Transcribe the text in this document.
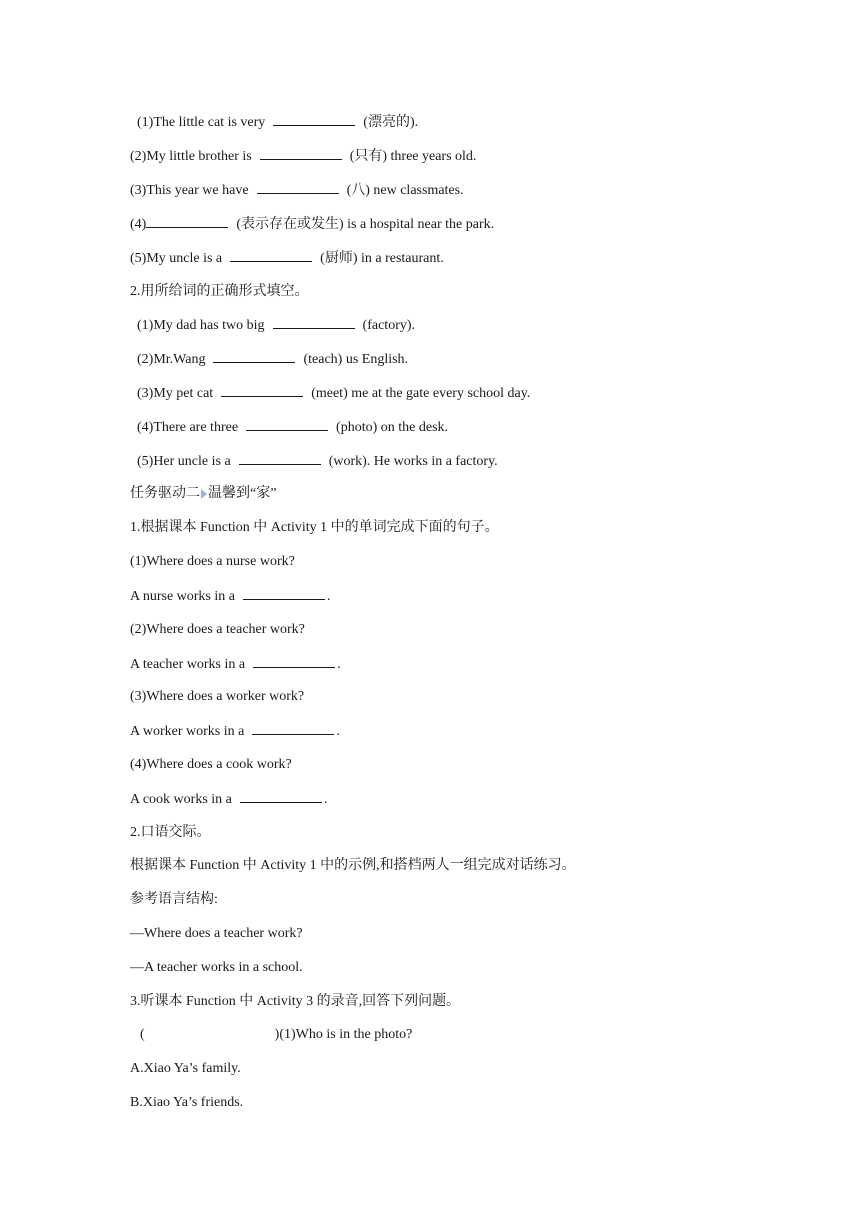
(1)The little cat is very	(漂亮的).
(2)My little brother is	(只有) three years old.
(3)This year we have	(八) new classmates.
(4)	(表示存在或发生) is a hospital near the park.
(5)My uncle is a	(厨师) in a restaurant.
2.用所给词的正确形式填空。
(1)My dad has two big	(factory).
(2)Mr.Wang	(teach) us English.
(3)My pet cat	(meet) me at the gate every school day.
(4)There are three	(photo) on the desk.
(5)Her uncle is a	(work). He works in a factory.
任务驱动二 温馨到“家”
1.根据课本 Function 中 Activity 1 中的单词完成下面的句子。
(1)Where does a nurse work?
A nurse works in a	.
(2)Where does a teacher work?
A teacher works in a	.
(3)Where does a worker work?
A worker works in a	.
(4)Where does a cook work?
A cook works in a	.
2.口语交际。
根据课本 Function 中 Activity 1 中的示例,和搭档两人一组完成对话练习。
参考语言结构:
—Where does a teacher work?
—A teacher works in a school.
3.听课本 Function 中 Activity 3 的录音,回答下列问题。
(	)(1)Who is in the photo?
A.Xiao Ya’s family.
B.Xiao Ya’s friends.
